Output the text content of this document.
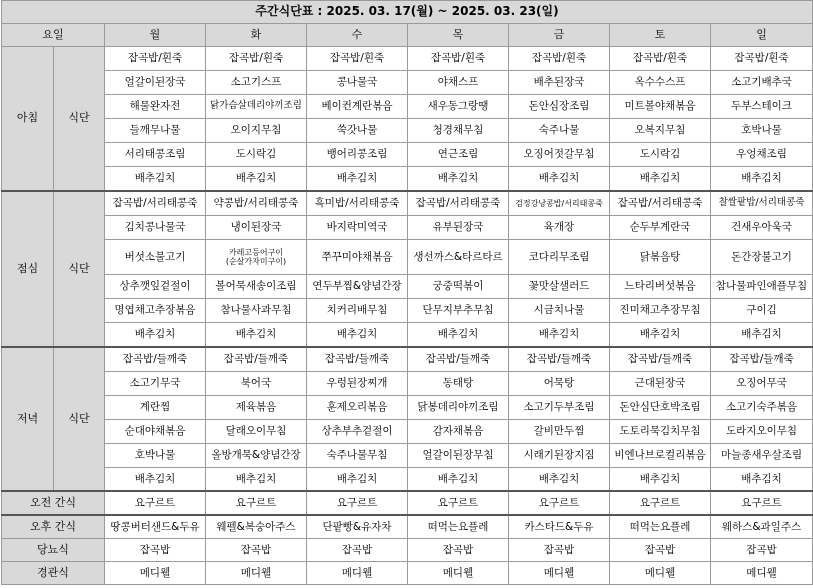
주간식단표 : 2025. 03. 17(월) ~ 2025. 03. 23(일)								
요일		월	화	수	목	금	토	일
아침	식단	잡곡밥/흰죽	잡곡밥/흰죽	잡곡밥/흰죽	잡곡밥/흰죽	잡곡밥/흰죽	잡곡밥/흰죽	잡곡밥/흰죽
		얼갈이된장국	소고기스프	콩나물국	야채스프	배추된장국	옥수수스프	소고기배추국
		해물완자전	닭가슴살데리야끼조림	베이컨계란볶음	새우동그랑땡	돈안심장조림	미트볼야채볶음	두부스테이크
		들깨무나물	오이지무침	쑥갓나물	청경채무침	숙주나물	오복지무침	호박나물
		서리태콩조림	도시락김	뱅어리콩조림	연근조림	오징어젓갈무침	도시락김	우엉채조림
		배추김치	배추김치	배추김치	배추김치	배추김치	배추김치	배추김치
점심	식단	잡곡밥/서리태콩죽	약콩밥/서리태콩죽	흑미밥/서리태콩죽	잡곡밥/서리태콩죽	검정강낭콩밥/서리태콩죽	잡곡밥/서리태콩죽	찰쌀팥밥/서리태콩죽
		김치콩나물국	냉이된장국	바지락미역국	유부된장국	육개장	순두부계란국	건새우아욱국
		버섯소불고기	카레고등어구이
(순살가자미구이)	쭈꾸미야채볶음	생선까스&타르타르	코다리무조림	닭볶음탕	돈간장불고기
		상추깻잎겉절이	볼어묵새송이조림	연두부찜&양념간장	궁중떡볶이	꽃맛살샐러드	느타리버섯볶음	참나물파인애플무침
		명엽채고추장볶음	참나물사과무침	치커리배무침	단무지부추무침	시금치나물	진미채고추장무침	구이김
		배추김치	배추김치	배추김치	배추김치	배추김치	배추김치	배추김치
저녁	식단	잡곡밥/들깨죽	잡곡밥/들깨죽	잡곡밥/들깨죽	잡곡밥/들깨죽	잡곡밥/들깨죽	잡곡밥/들깨죽	잡곡밥/들깨죽
		소고기무국	북어국	우렁된장찌개	동태탕	어묵탕	근대된장국	오징어무국
		계란찜	제육볶음	훈제오리볶음	닭봉데리야끼조림	소고기두부조림	돈안심단호박조림	소고기숙주볶음
		순대야채볶음	달래오이무침	상추부추겉절이	감자채볶음	갈비만두찜	도토리묵김치무침	도라지오이무침
		호박나물	올방개묵&양념간장	숙주나물무침	얼갈이된장무침	시래기된장지짐	비엔나브로컬리볶음	마늘종새우살조림
		배추김치	배추김치	배추김치	배추김치	배추김치	배추김치	배추김치
오전 간식		요구르트	요구르트	요구르트	요구르트	요구르트	요구르트	요구르트
오후 간식		땅콩버터샌드&두유	웨펠&복숭아주스	단팥빵&유자차	떠먹는요플레	카스타드&두유	떠먹는요플레	웨하스&과일주스
당뇨식		잡곡밥	잡곡밥	잡곡밥	잡곡밥	잡곡밥	잡곡밥	잡곡밥
경관식		메디웰	메디웰	메디웰	메디웰	메디웰	메디웰	메디웰
